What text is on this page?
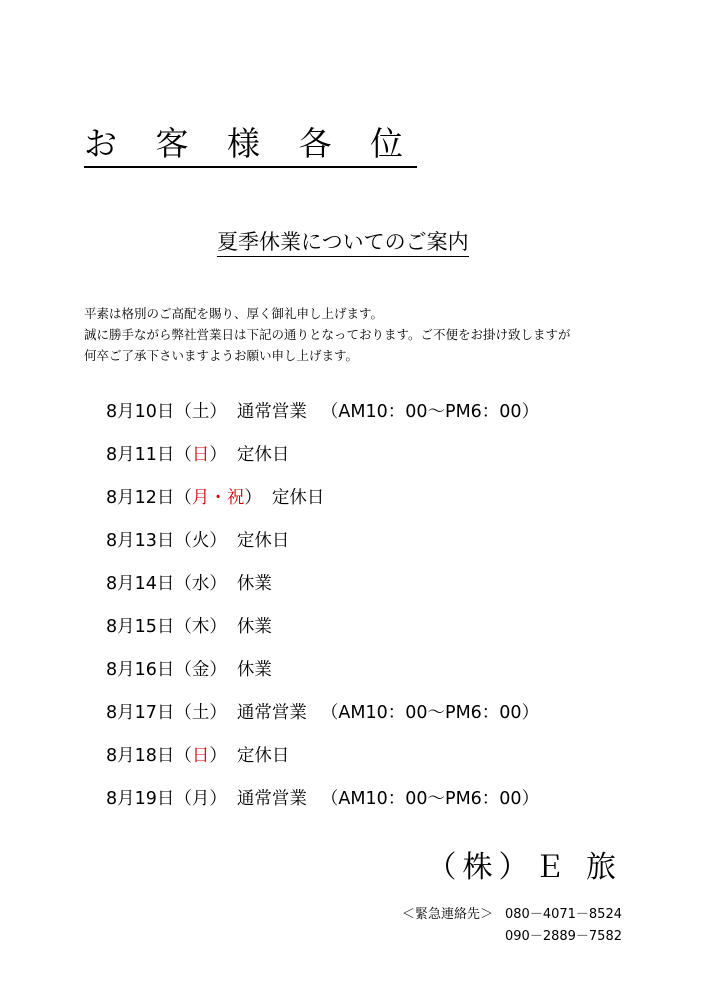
お 客 様 各 位
夏季休業についてのご案内
平素は格別のご高配を賜り、厚く御礼申し上げます。
誠に勝手ながら弊社営業日は下記の通りとなっております。ご不便をお掛け致しますが
何卒ご了承下さいますようお願い申し上げます。
8月10日（土） 通常営業 （AM10：00～PM6：00）
8月11日（日） 定休日
8月12日（月・祝） 定休日
8月13日（火） 定休日
8月14日（水） 休業
8月15日（木） 休業
8月16日（金） 休業
8月17日（土） 通常営業 （AM10：00～PM6：00）
8月18日（日） 定休日
8月19日（月） 通常営業 （AM10：00～PM6：00）
（株）Ｅ 旅
＜緊急連絡先＞ 080－4071－8524
090－2889－7582
